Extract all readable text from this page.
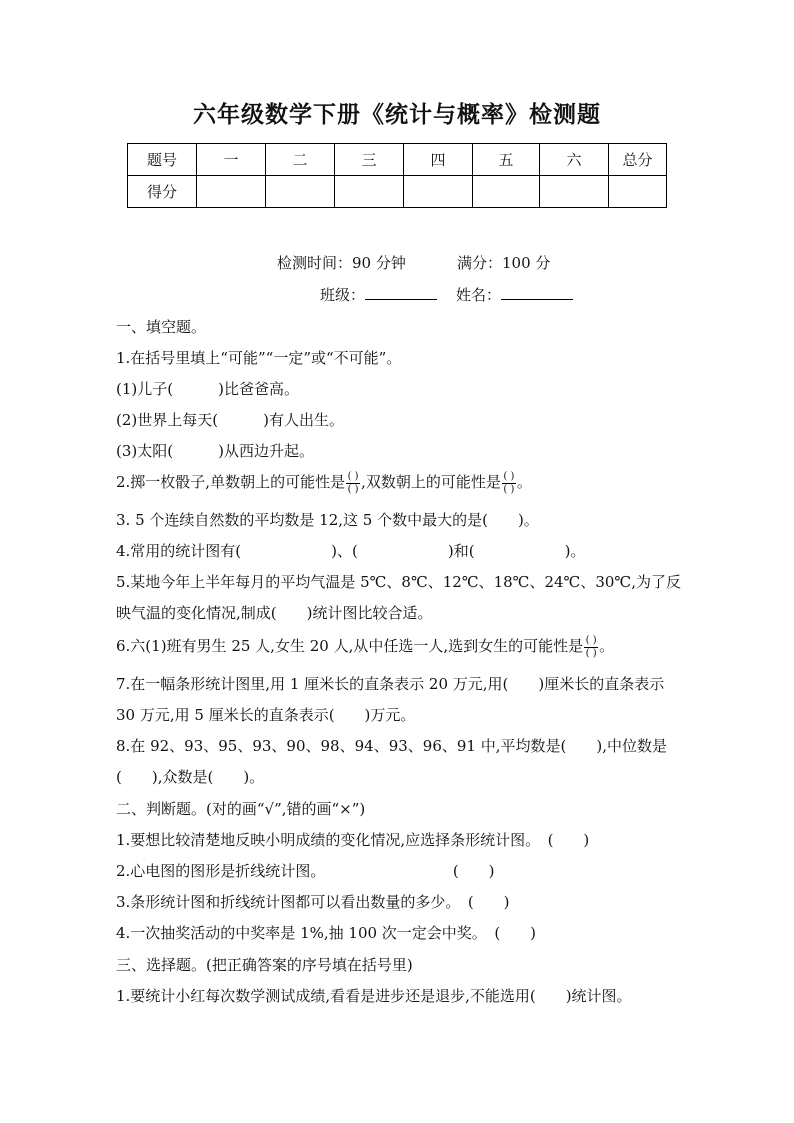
六年级数学下册《统计与概率》检测题
题号	一	二	三	四	五	六	总分
得分							
检测时间：90 分钟	满分：100 分
班级：	姓名：
一、填空题。
1.在括号里填上“可能”“一定”或“不可能”。
(1)儿子(　　　)比爸爸高。
(2)世界上每天(　　　)有人出生。
(3)太阳(　　　)从西边升起。
2.掷一枚骰子,单数朝上的可能性是 $\frac{( )}{( )}$ ,双数朝上的可能性是 $\frac{( )}{( )}$ 。
3. 5 个连续自然数的平均数是 12,这 5 个数中最大的是(　　)。
4.常用的统计图有(　　　　　　)、(　　　　　　)和(　　　　　　)。
5.某地今年上半年每月的平均气温是 5℃、8℃、12℃、18℃、24℃、30℃,为了反
映气温的变化情况,制成(　　)统计图比较合适。
6.六(1)班有男生 25 人,女生 20 人,从中任选一人,选到女生的可能性是 $\frac{( )}{( )}$ 。
7.在一幅条形统计图里,用 1 厘米长的直条表示 20 万元,用(　　)厘米长的直条表示
30 万元,用 5 厘米长的直条表示(　　)万元。
8.在 92、93、95、93、90、98、94、93、96、91 中,平均数是(　　),中位数是
(　　),众数是(　　)。
二、判断题。(对的画“√”,错的画“×”)
1.要想比较清楚地反映小明成绩的变化情况,应选择条形统计图。　(　　)
2.心电图的图形是折线统计图。　　　　　　　　　(　　)
3.条形统计图和折线统计图都可以看出数量的多少。　(　　)
4.一次抽奖活动的中奖率是 1%,抽 100 次一定会中奖。　(　　)
三、选择题。(把正确答案的序号填在括号里)
1.要统计小红每次数学测试成绩,看看是进步还是退步,不能选用(　　)统计图。
